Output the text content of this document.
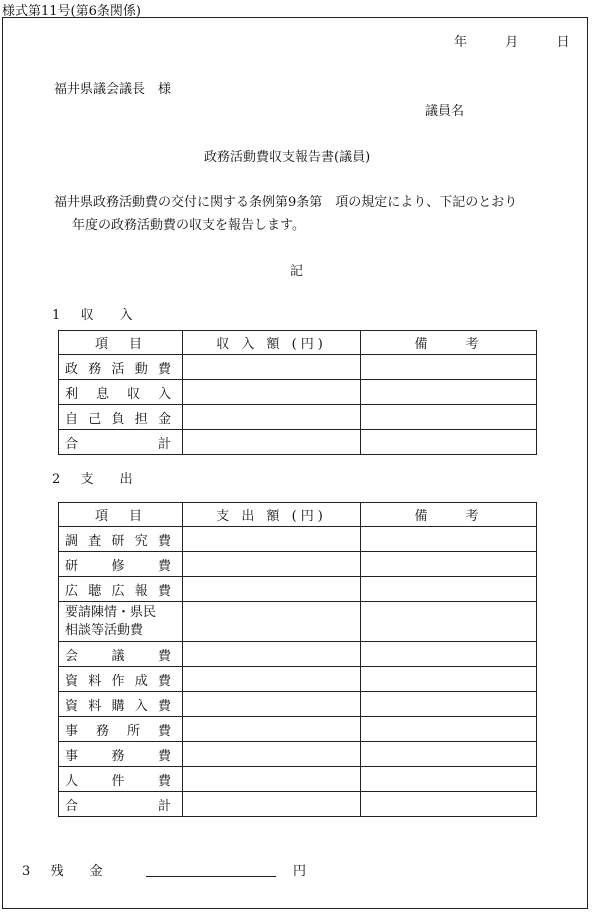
様式第11号(第6条関係)
年	月	日
福井県議会議長　様
議員名
政務活動費収支報告書(議員)
福井県政務活動費の交付に関する条例第9条第　項の規定により、下記のとおり
年度の政務活動費の収支を報告します。
記
1 収　　入
項　目	収 入 額 (円)	備　　考

政 務 活 動 費		

利 息 収 入		

自 己 負 担 金		

合 計		

2 支　　出
項　目	支 出 額 (円)	備　　考

調 査 研 究 費		

研 修 費		

広 聴 広 報 費		

要請陳情・県民
相談等活動費		

会 議 費		

資 料 作 成 費		

資 料 購 入 費		

事 務 所 費		

事 務 費		

人 件 費		

合 計		

3 残　　金	円
